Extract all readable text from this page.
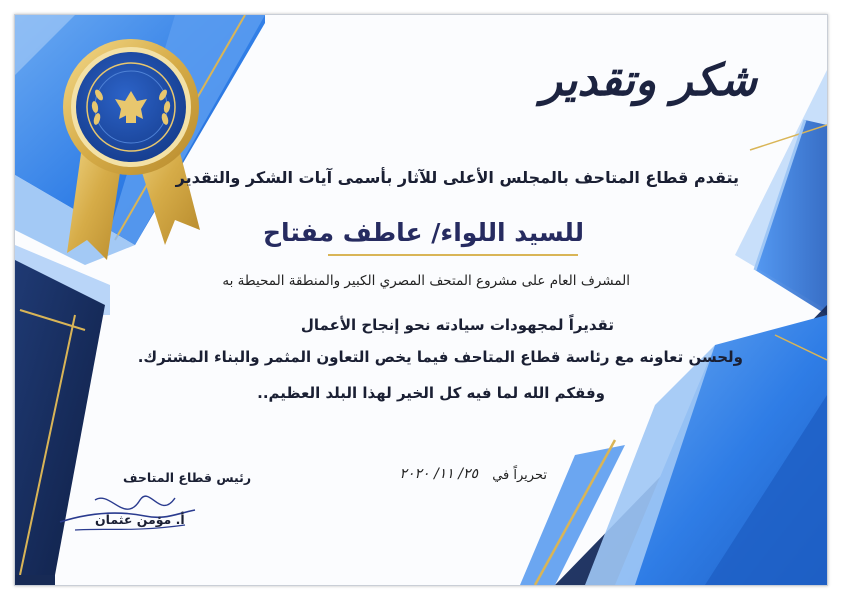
شكر وتقدير
يتقدم قطاع المتاحف بالمجلس الأعلى للآثار بأسمى آيات الشكر والتقدير
للسيد اللواء/ عاطف مفتاح
المشرف العام على مشروع المتحف المصري الكبير والمنطقة المحيطة به
تقديراً لمجهودات سيادته نحو إنجاح الأعمال
ولحسن تعاونه مع رئاسة قطاع المتاحف فيما يخص التعاون المثمر والبناء المشترك.
وفقكم الله لما فيه كل الخير لهذا البلد العظيم..
تحريراً في
٢٥/ ١١/ ٢٠٢٠
رئيس قطاع المتاحف
أ. مؤمن عثمان
